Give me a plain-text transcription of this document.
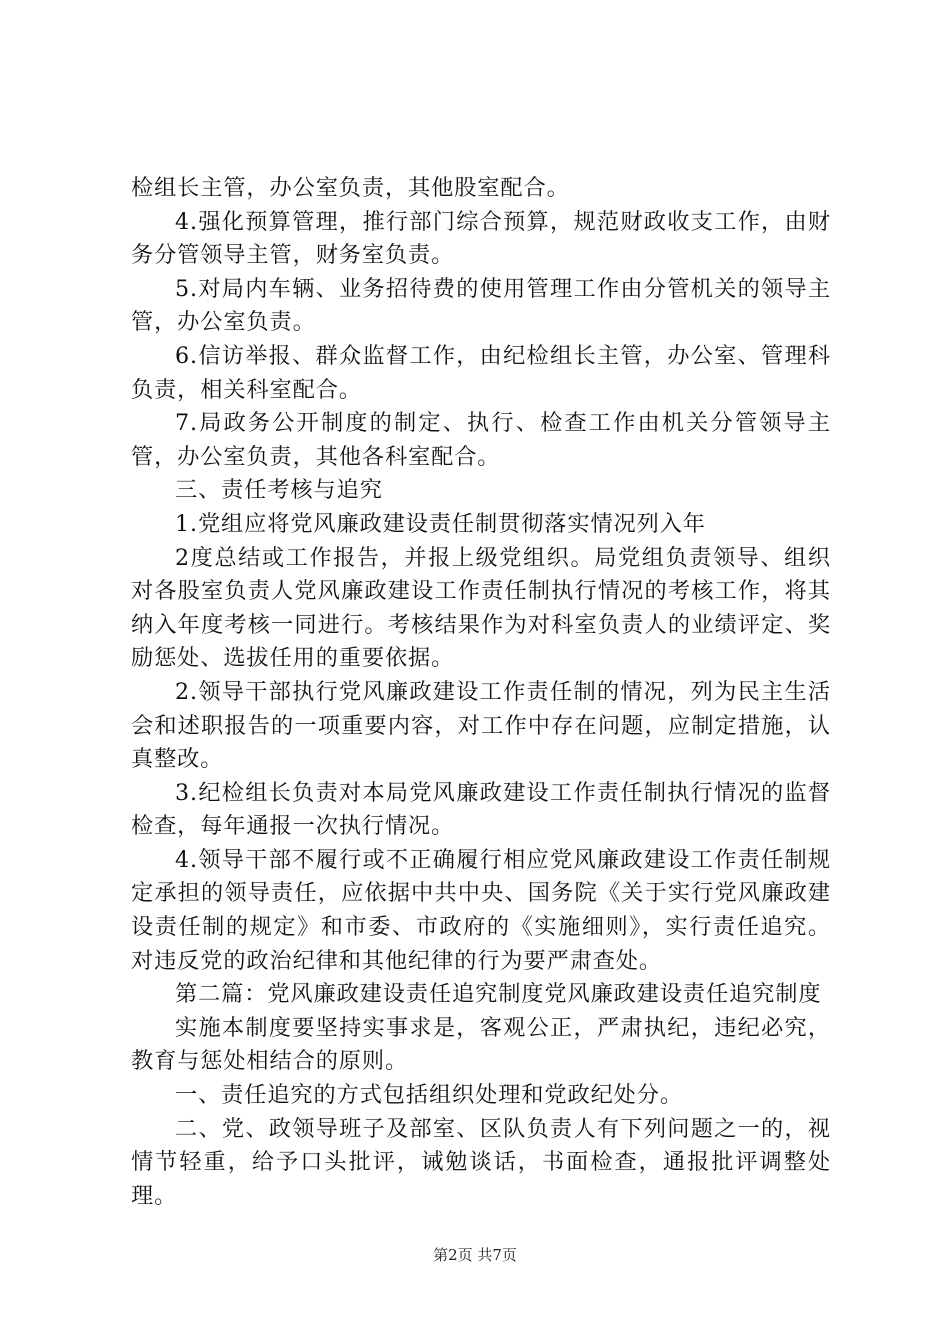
检组长主管，办公室负责，其他股室配合。

4.强化预算管理，推行部门综合预算，规范财政收支工作，由财务分管领导主管，财务室负责。

5.对局内车辆、业务招待费的使用管理工作由分管机关的领导主管，办公室负责。

6.信访举报、群众监督工作，由纪检组长主管，办公室、管理科负责，相关科室配合。

7.局政务公开制度的制定、执行、检查工作由机关分管领导主管，办公室负责，其他各科室配合。

三、责任考核与追究

1.党组应将党风廉政建设责任制贯彻落实情况列入年

2度总结或工作报告，并报上级党组织。局党组负责领导、组织对各股室负责人党风廉政建设工作责任制执行情况的考核工作，将其纳入年度考核一同进行。考核结果作为对科室负责人的业绩评定、奖励惩处、选拔任用的重要依据。

2.领导干部执行党风廉政建设工作责任制的情况，列为民主生活会和述职报告的一项重要内容，对工作中存在问题，应制定措施，认真整改。

3.纪检组长负责对本局党风廉政建设工作责任制执行情况的监督检查，每年通报一次执行情况。

4.领导干部不履行或不正确履行相应党风廉政建设工作责任制规定承担的领导责任，应依据中共中央、国务院《关于实行党风廉政建设责任制的规定》和市委、市政府的《实施细则》，实行责任追究。对违反党的政治纪律和其他纪律的行为要严肃查处。

第二篇：党风廉政建设责任追究制度党风廉政建设责任追究制度

实施本制度要坚持实事求是，客观公正，严肃执纪，违纪必究，教育与惩处相结合的原则。

一、责任追究的方式包括组织处理和党政纪处分。

二、党、政领导班子及部室、区队负责人有下列问题之一的，视情节轻重，给予口头批评，诫勉谈话，书面检查，通报批评调整处理。

第2页 共7页
